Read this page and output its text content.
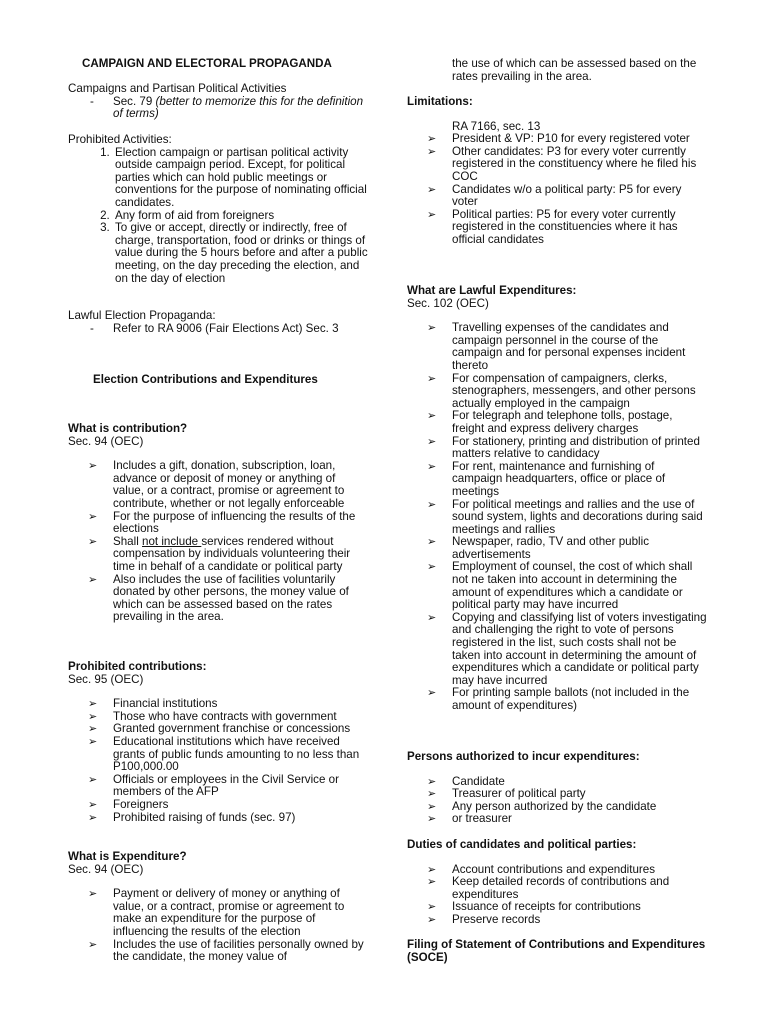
CAMPAIGN AND ELECTORAL PROPAGANDA

Campaigns and Partisan Political Activities

- Sec. 79 (better to memorize this for the definition of terms)

Prohibited Activities:

1. Election campaign or partisan political activity outside campaign period. Except, for political parties which can hold public meetings or conventions for the purpose of nominating official candidates.
2. Any form of aid from foreigners
3. To give or accept, directly or indirectly, free of charge, transportation, food or drinks or things of value during the 5 hours before and after a public meeting, on the day preceding the election, and on the day of election

Lawful Election Propaganda:

- Refer to RA 9006 (Fair Elections Act) Sec. 3
Election Contributions and Expenditures

What is contribution?

Sec. 94 (OEC)

➢ Includes a gift, donation, subscription, loan, advance or deposit of money or anything of value, or a contract, promise or agreement to contribute, whether or not legally enforceable
➢ For the purpose of influencing the results of the elections
➢ Shall not include services rendered without compensation by individuals volunteering their time in behalf of a candidate or political party
➢ Also includes the use of facilities voluntarily donated by other persons, the money value of which can be assessed based on the rates prevailing in the area.

Prohibited contributions:

Sec. 95 (OEC)

➢ Financial institutions
➢ Those who have contracts with government
➢ Granted government franchise or concessions
➢ Educational institutions which have received grants of public funds amounting to no less than P100,000.00
➢ Officials or employees in the Civil Service or members of the AFP
➢ Foreigners
➢ Prohibited raising of funds (sec. 97)

What is Expenditure?

Sec. 94 (OEC)

➢ Payment or delivery of money or anything of value, or a contract, promise or agreement to make an expenditure for the purpose of influencing the results of the election
➢ Includes the use of facilities personally owned by the candidate, the money value of
the use of which can be assessed based on the rates prevailing in the area.

Limitations:

RA 7166, sec. 13

➢ President & VP: P10 for every registered voter
➢ Other candidates: P3 for every voter currently registered in the constituency where he filed his COC
➢ Candidates w/o a political party: P5 for every voter
➢ Political parties: P5 for every voter currently registered in the constituencies where it has official candidates

What are Lawful Expenditures:

Sec. 102 (OEC)

➢ Travelling expenses of the candidates and campaign personnel in the course of the campaign and for personal expenses incident thereto
➢ For compensation of campaigners, clerks, stenographers, messengers, and other persons actually employed in the campaign
➢ For telegraph and telephone tolls, postage, freight and express delivery charges
➢ For stationery, printing and distribution of printed matters relative to candidacy
➢ For rent, maintenance and furnishing of campaign headquarters, office or place of meetings
➢ For political meetings and rallies and the use of sound system, lights and decorations during said meetings and rallies
➢ Newspaper, radio, TV and other public advertisements
➢ Employment of counsel, the cost of which shall not ne taken into account in determining the amount of expenditures which a candidate or political party may have incurred
➢ Copying and classifying list of voters investigating and challenging the right to vote of persons registered in the list, such costs shall not be taken into account in determining the amount of expenditures which a candidate or political party may have incurred
➢ For printing sample ballots (not included in the amount of expenditures)

Persons authorized to incur expenditures:

➢ Candidate
➢ Treasurer of political party
➢ Any person authorized by the candidate
➢ or treasurer

Duties of candidates and political parties:

➢ Account contributions and expenditures
➢ Keep detailed records of contributions and expenditures
➢ Issuance of receipts for contributions
➢ Preserve records
Filing of Statement of Contributions and Expenditures (SOCE)
